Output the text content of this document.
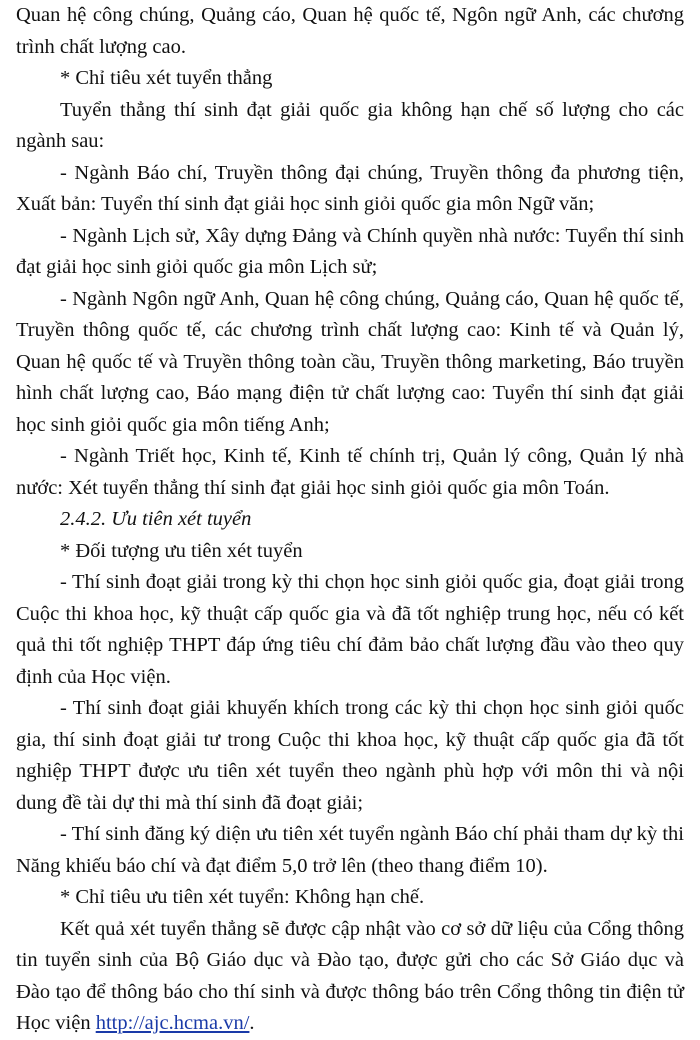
Quan hệ công chúng, Quảng cáo, Quan hệ quốc tế, Ngôn ngữ Anh, các chương trình chất lượng cao.

* Chỉ tiêu xét tuyển thẳng

Tuyển thẳng thí sinh đạt giải quốc gia không hạn chế số lượng cho các ngành sau:

- Ngành Báo chí, Truyền thông đại chúng, Truyền thông đa phương tiện, Xuất bản: Tuyển thí sinh đạt giải học sinh giỏi quốc gia môn Ngữ văn;

- Ngành Lịch sử, Xây dựng Đảng và Chính quyền nhà nước: Tuyển thí sinh đạt giải học sinh giỏi quốc gia môn Lịch sử;

- Ngành Ngôn ngữ Anh, Quan hệ công chúng, Quảng cáo, Quan hệ quốc tế, Truyền thông quốc tế, các chương trình chất lượng cao: Kinh tế và Quản lý, Quan hệ quốc tế và Truyền thông toàn cầu, Truyền thông marketing, Báo truyền hình chất lượng cao, Báo mạng điện tử chất lượng cao: Tuyển thí sinh đạt giải học sinh giỏi quốc gia môn tiếng Anh;

- Ngành Triết học, Kinh tế, Kinh tế chính trị, Quản lý công, Quản lý nhà nước: Xét tuyển thẳng thí sinh đạt giải học sinh giỏi quốc gia môn Toán.

2.4.2. Ưu tiên xét tuyển

* Đối tượng ưu tiên xét tuyển

- Thí sinh đoạt giải trong kỳ thi chọn học sinh giỏi quốc gia, đoạt giải trong Cuộc thi khoa học, kỹ thuật cấp quốc gia và đã tốt nghiệp trung học, nếu có kết quả thi tốt nghiệp THPT đáp ứng tiêu chí đảm bảo chất lượng đầu vào theo quy định của Học viện.

- Thí sinh đoạt giải khuyến khích trong các kỳ thi chọn học sinh giỏi quốc gia, thí sinh đoạt giải tư trong Cuộc thi khoa học, kỹ thuật cấp quốc gia đã tốt nghiệp THPT được ưu tiên xét tuyển theo ngành phù hợp với môn thi và nội dung đề tài dự thi mà thí sinh đã đoạt giải;

- Thí sinh đăng ký diện ưu tiên xét tuyển ngành Báo chí phải tham dự kỳ thi Năng khiếu báo chí và đạt điểm 5,0 trở lên (theo thang điểm 10).

* Chỉ tiêu ưu tiên xét tuyển: Không hạn chế.

Kết quả xét tuyển thẳng sẽ được cập nhật vào cơ sở dữ liệu của Cổng thông tin tuyển sinh của Bộ Giáo dục và Đào tạo, được gửi cho các Sở Giáo dục và Đào tạo để thông báo cho thí sinh và được thông báo trên Cổng thông tin điện tử Học viện http://ajc.hcma.vn/.
